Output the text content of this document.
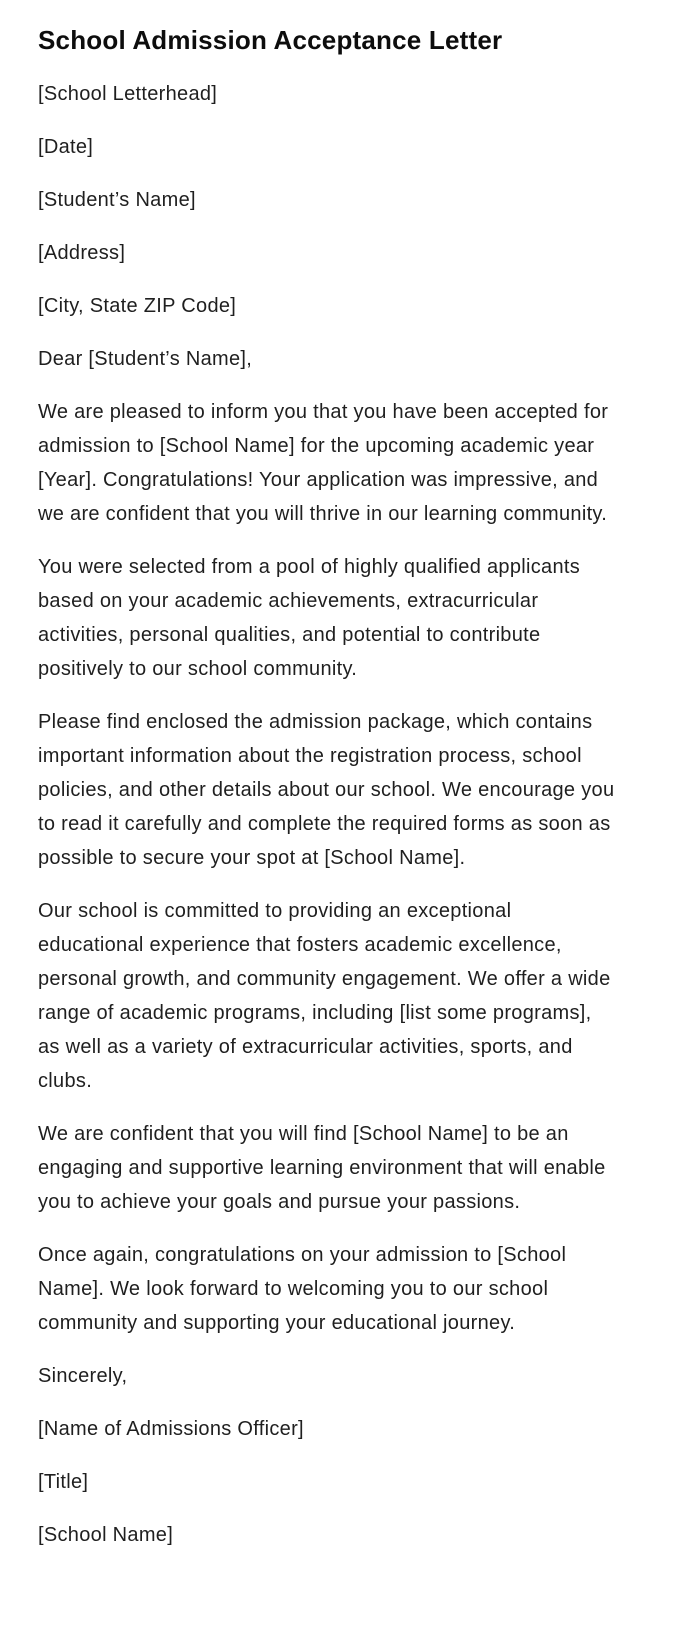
School Admission Acceptance Letter

[School Letterhead]

[Date]

[Student’s Name]

[Address]

[City, State ZIP Code]

Dear [Student’s Name],

We are pleased to inform you that you have been accepted for admission to [School Name] for the upcoming academic year [Year]. Congratulations! Your application was impressive, and we are confident that you will thrive in our learning community.

You were selected from a pool of highly qualified applicants based on your academic achievements, extracurricular activities, personal qualities, and potential to contribute positively to our school community.

Please find enclosed the admission package, which contains important information about the registration process, school policies, and other details about our school. We encourage you to read it carefully and complete the required forms as soon as possible to secure your spot at [School Name].

Our school is committed to providing an exceptional educational experience that fosters academic excellence, personal growth, and community engagement. We offer a wide range of academic programs, including [list some programs], as well as a variety of extracurricular activities, sports, and clubs.

We are confident that you will find [School Name] to be an engaging and supportive learning environment that will enable you to achieve your goals and pursue your passions.

Once again, congratulations on your admission to [School Name]. We look forward to welcoming you to our school community and supporting your educational journey.

Sincerely,

[Name of Admissions Officer]

[Title]

[School Name]
